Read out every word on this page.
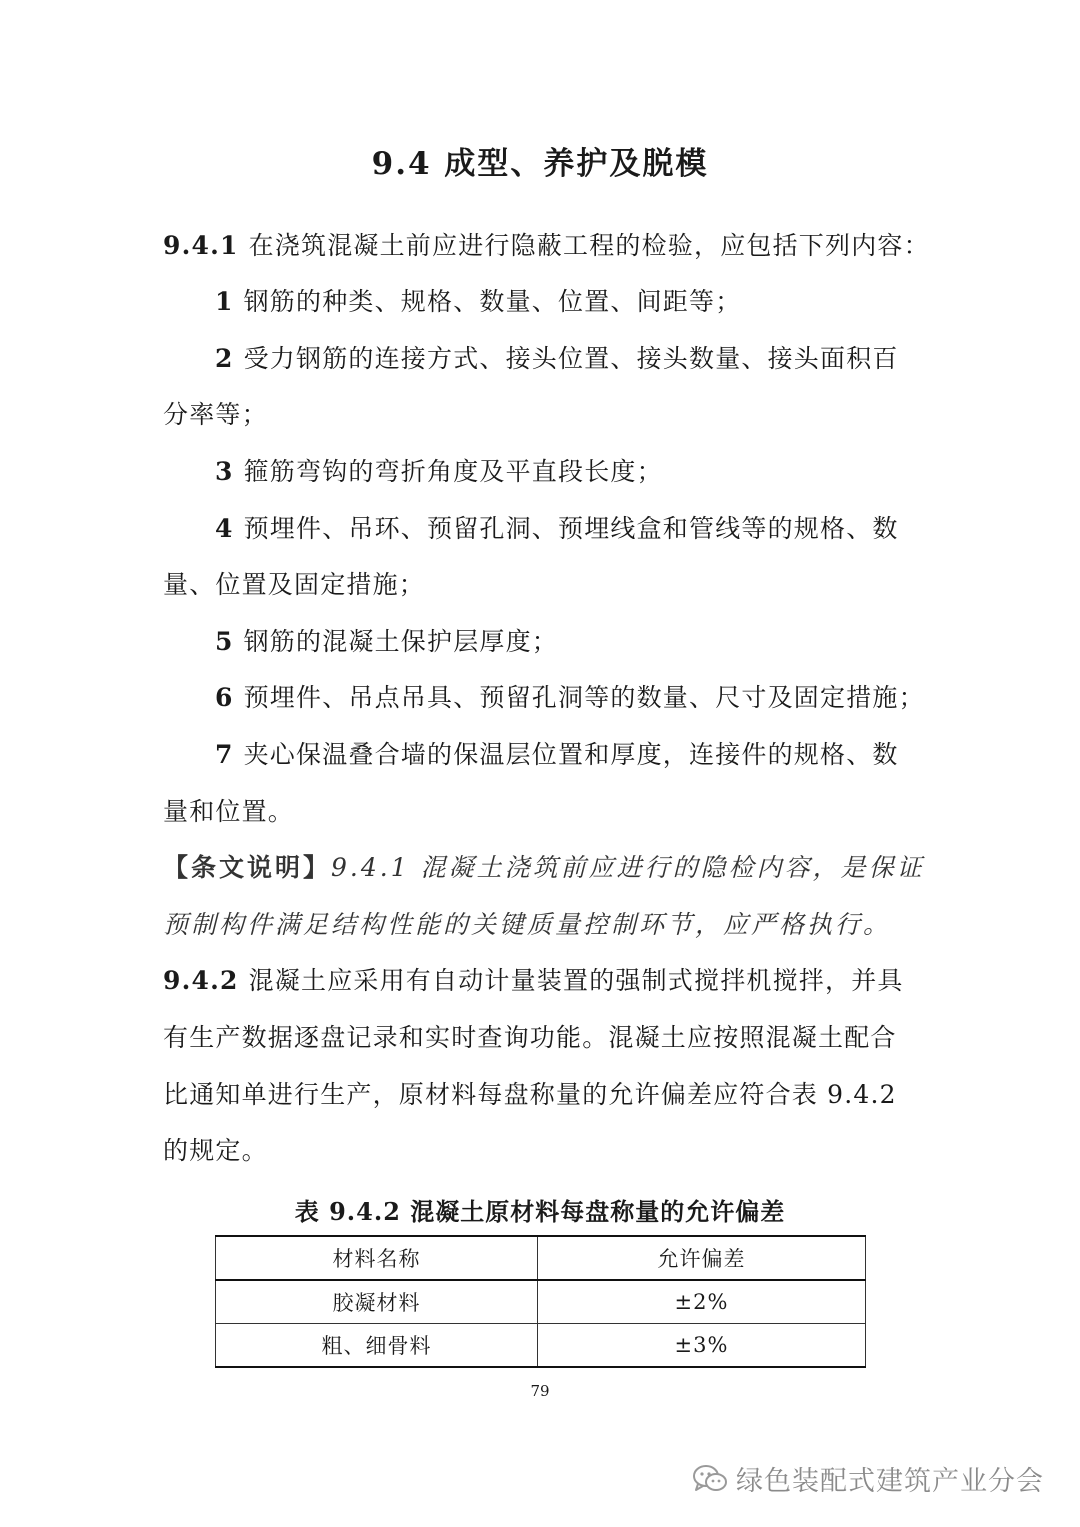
9.4 成型、养护及脱模
9.4.1 在浇筑混凝土前应进行隐蔽工程的检验，应包括下列内容：
1 钢筋的种类、规格、数量、位置、间距等；
2 受力钢筋的连接方式、接头位置、接头数量、接头面积百
分率等；
3 箍筋弯钩的弯折角度及平直段长度；
4 预埋件、吊环、预留孔洞、预埋线盒和管线等的规格、数
量、位置及固定措施；
5 钢筋的混凝土保护层厚度；
6 预埋件、吊点吊具、预留孔洞等的数量、尺寸及固定措施；
7 夹心保温叠合墙的保温层位置和厚度，连接件的规格、数
量和位置。
【条文说明】9.4.1 混凝土浇筑前应进行的隐检内容，是保证
预制构件满足结构性能的关键质量控制环节，应严格执行。
9.4.2 混凝土应采用有自动计量装置的强制式搅拌机搅拌，并具
有生产数据逐盘记录和实时查询功能。混凝土应按照混凝土配合
比通知单进行生产，原材料每盘称量的允许偏差应符合表 9.4.2
的规定。
表 9.4.2 混凝土原材料每盘称量的允许偏差
材料名称	允许偏差
胶凝材料	±2%
粗、细骨料	±3%
79
绿色装配式建筑产业分会
